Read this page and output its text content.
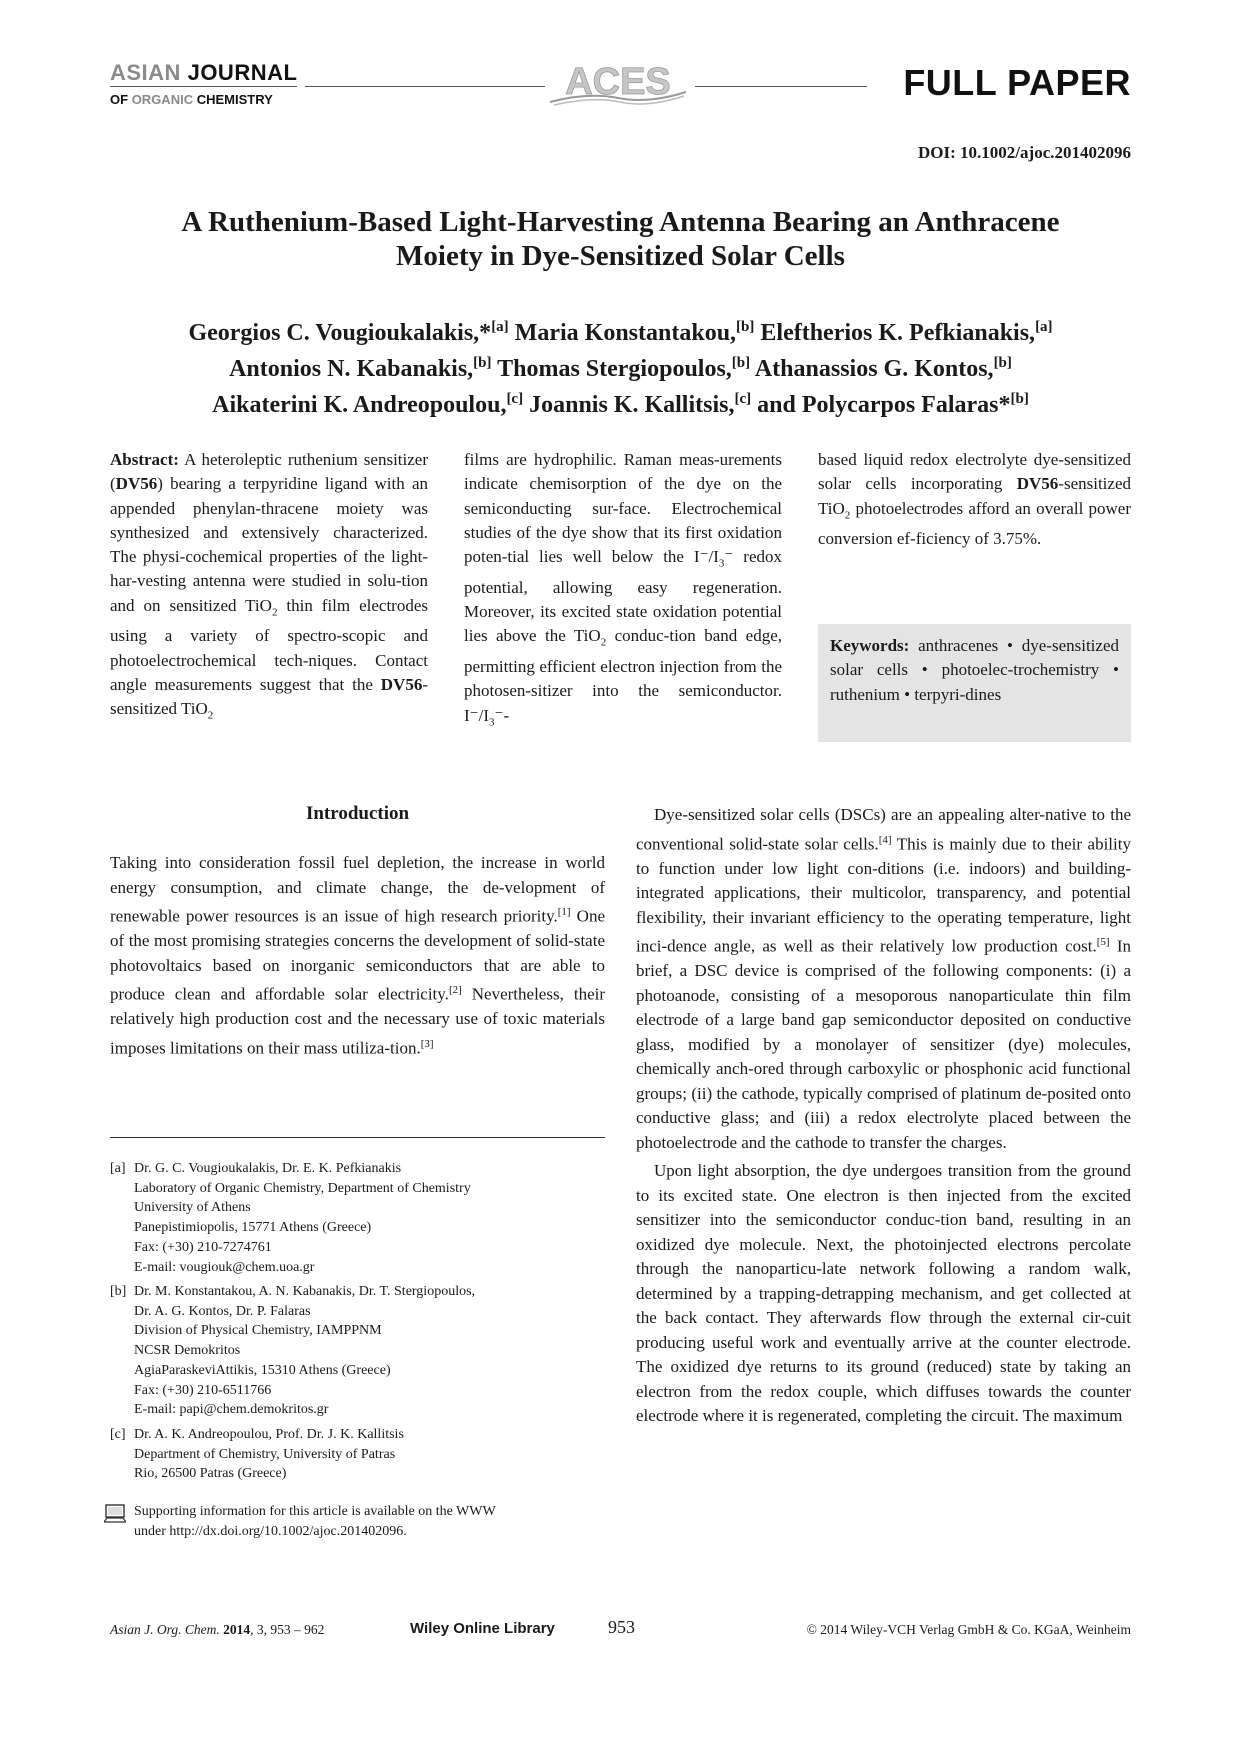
ASIAN JOURNAL
OF ORGANIC CHEMISTRY	ACES	FULL PAPER
DOI: 10.1002/ajoc.201402096
A Ruthenium-Based Light-Harvesting Antenna Bearing an Anthracene
Moiety in Dye-Sensitized Solar Cells
Georgios C. Vougioukalakis,*[a] Maria Konstantakou,[b] Eleftherios K. Pefkianakis,[a]
Antonios N. Kabanakis,[b] Thomas Stergiopoulos,[b] Athanassios G. Kontos,[b]
Aikaterini K. Andreopoulou,[c] Joannis K. Kallitsis,[c] and Polycarpos Falaras*[b]
Abstract: A heteroleptic ruthenium sensitizer (DV56) bearing a terpyridine ligand with an appended phenylan-thracene moiety was synthesized and extensively characterized. The physi-cochemical properties of the light-har-vesting antenna were studied in solu-tion and on sensitized TiO$_2$ thin film electrodes using a variety of spectro-scopic and photoelectrochemical tech-niques. Contact angle measurements suggest that the DV56-sensitized TiO$_2$
films are hydrophilic. Raman meas-urements indicate chemisorption of the dye on the semiconducting sur-face. Electrochemical studies of the dye show that its first oxidation poten-tial lies well below the $I^-/I_3^-$ redox potential, allowing easy regeneration. Moreover, its excited state oxidation potential lies above the TiO$_2$ conduc-tion band edge, permitting efficient electron injection from the photosen-sitizer into the semiconductor. $I^-/I_3^--$
based liquid redox electrolyte dye-sensitized solar cells incorporating DV56-sensitized TiO$_2$ photoelectrodes afford an overall power conversion ef-ficiency of 3.75%.
Keywords: anthracenes • dye-sensitized solar cells • photoelec-trochemistry • ruthenium • terpyri-dines
Introduction

Taking into consideration fossil fuel depletion, the increase in world energy consumption, and climate change, the de-velopment of renewable power resources is an issue of high research priority.[1] One of the most promising strategies concerns the development of solid-state photovoltaics based on inorganic semiconductors that are able to produce clean and affordable solar electricity.[2] Nevertheless, their relatively high production cost and the necessary use of toxic materials imposes limitations on their mass utiliza-tion.[3]

[a] Dr. G. C. Vougioukalakis, Dr. E. K. Pefkianakis
Laboratory of Organic Chemistry, Department of Chemistry
University of Athens
Panepistimiopolis, 15771 Athens (Greece)
Fax: (+30) 210-7274761
E-mail: vougiouk@chem.uoa.gr
[b] Dr. M. Konstantakou, A. N. Kabanakis, Dr. T. Stergiopoulos,
Dr. A. G. Kontos, Dr. P. Falaras
Division of Physical Chemistry, IAMPPNM
NCSR Demokritos
AgiaParaskeviAttikis, 15310 Athens (Greece)
Fax: (+30) 210-6511766
E-mail: papi@chem.demokritos.gr
[c] Dr. A. K. Andreopoulou, Prof. Dr. J. K. Kallitsis
Department of Chemistry, University of Patras
Rio, 26500 Patras (Greece)
Supporting information for this article is available on the WWW
under http://dx.doi.org/10.1002/ajoc.201402096.

Dye-sensitized solar cells (DSCs) are an appealing alter-native to the conventional solid-state solar cells.[4] This is mainly due to their ability to function under low light con-ditions (i.e. indoors) and building-integrated applications, their multicolor, transparency, and potential flexibility, their invariant efficiency to the operating temperature, light inci-dence angle, as well as their relatively low production cost.[5] In brief, a DSC device is comprised of the following components: (i) a photoanode, consisting of a mesoporous nanoparticulate thin film electrode of a large band gap semiconductor deposited on conductive glass, modified by a monolayer of sensitizer (dye) molecules, chemically anch-ored through carboxylic or phosphonic acid functional groups; (ii) the cathode, typically comprised of platinum de-posited onto conductive glass; and (iii) a redox electrolyte placed between the photoelectrode and the cathode to transfer the charges.

Upon light absorption, the dye undergoes transition from the ground to its excited state. One electron is then injected from the excited sensitizer into the semiconductor conduc-tion band, resulting in an oxidized dye molecule. Next, the photoinjected electrons percolate through the nanoparticu-late network following a random walk, determined by a trapping-detrapping mechanism, and get collected at the back contact. They afterwards flow through the external cir-cuit producing useful work and eventually arrive at the counter electrode. The oxidized dye returns to its ground (reduced) state by taking an electron from the redox couple, which diffuses towards the counter electrode where it is regenerated, completing the circuit. The maximum

Asian J. Org. Chem. 2014, 3, 953 – 962	Wiley Online Library	953	© 2014 Wiley-VCH Verlag GmbH & Co. KGaA, Weinheim
